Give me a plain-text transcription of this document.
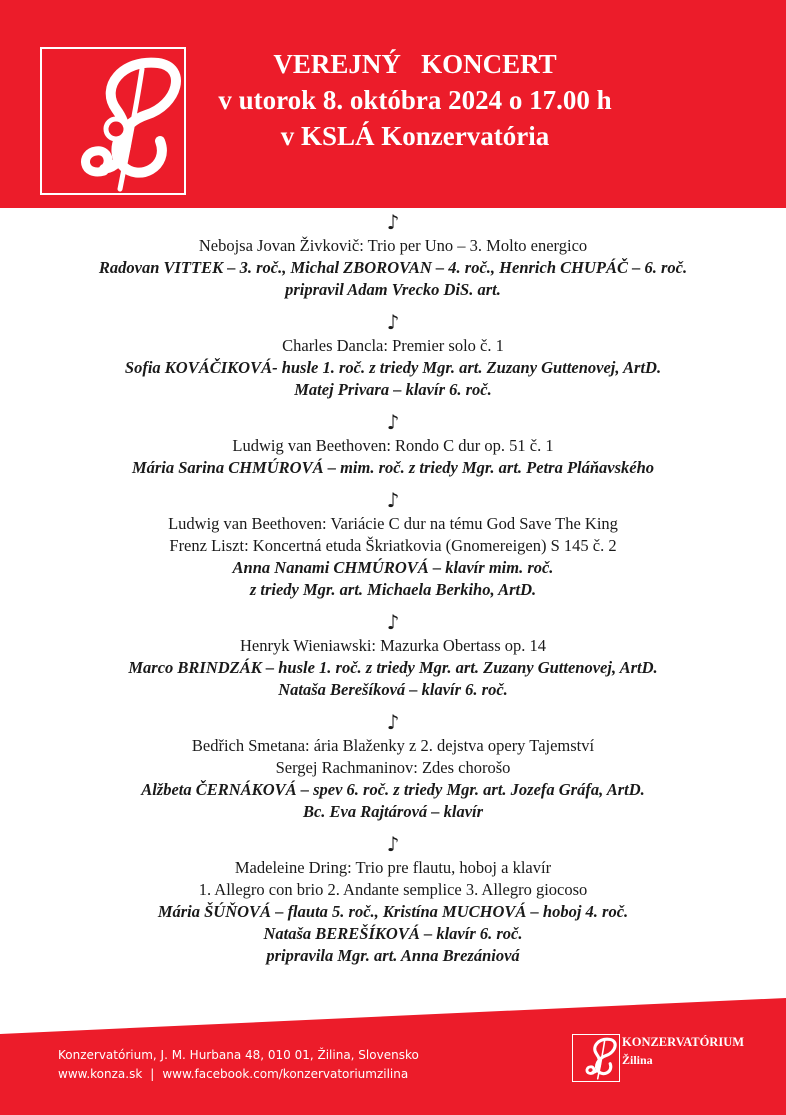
VEREJNÝ   KONCERT
v utorok 8. októbra 2024 o 17.00 h
v KSLÁ Konzervatória
♪
Nebojsa Jovan Živkovič: Trio per Uno – 3. Molto energico
Radovan VITTEK – 3. roč., Michal ZBOROVAN – 4. roč., Henrich CHUPÁČ – 6. roč.
pripravil Adam Vrecko DiS. art.
♪
Charles Dancla: Premier solo č. 1
Sofia KOVÁČIKOVÁ- husle 1. roč. z triedy Mgr. art. Zuzany Guttenovej, ArtD.
Matej Privara – klavír 6. roč.
♪
Ludwig van Beethoven: Rondo C dur op. 51 č. 1
Mária Sarina CHMÚROVÁ – mim. roč. z triedy Mgr. art. Petra Pláňavského
♪
Ludwig van Beethoven: Variácie C dur na tému God Save The King
Frenz Liszt: Koncertná etuda Škriatkovia (Gnomereigen) S 145 č. 2
Anna Nanami CHMÚROVÁ – klavír mim. roč.
z triedy Mgr. art. Michaela Berkiho, ArtD.
♪
Henryk Wieniawski: Mazurka Obertass op. 14
Marco BRINDZÁK – husle 1. roč. z triedy Mgr. art. Zuzany Guttenovej, ArtD.
Nataša Berešíková – klavír 6. roč.
♪
Bedřich Smetana: ária Blaženky z 2. dejstva opery Tajemství
Sergej Rachmaninov: Zdes chorošo
Alžbeta ČERNÁKOVÁ – spev 6. roč. z triedy Mgr. art. Jozefa Gráfa, ArtD.
Bc. Eva Rajtárová – klavír
♪
Madeleine Dring: Trio pre flautu, hoboj a klavír
1. Allegro con brio 2. Andante semplice 3. Allegro giocoso
Mária ŠÚŇOVÁ – flauta 5. roč., Kristína MUCHOVÁ – hoboj 4. roč.
Nataša BEREŠÍKOVÁ – klavír 6. roč.
pripravila Mgr. art. Anna Brezániová
Konzervatórium, J. M. Hurbana 48, 010 01, Žilina, Slovensko
www.konza.sk | www.facebook.com/konzervatoriumzilina
KONZERVATÓRIUM
Žilina
